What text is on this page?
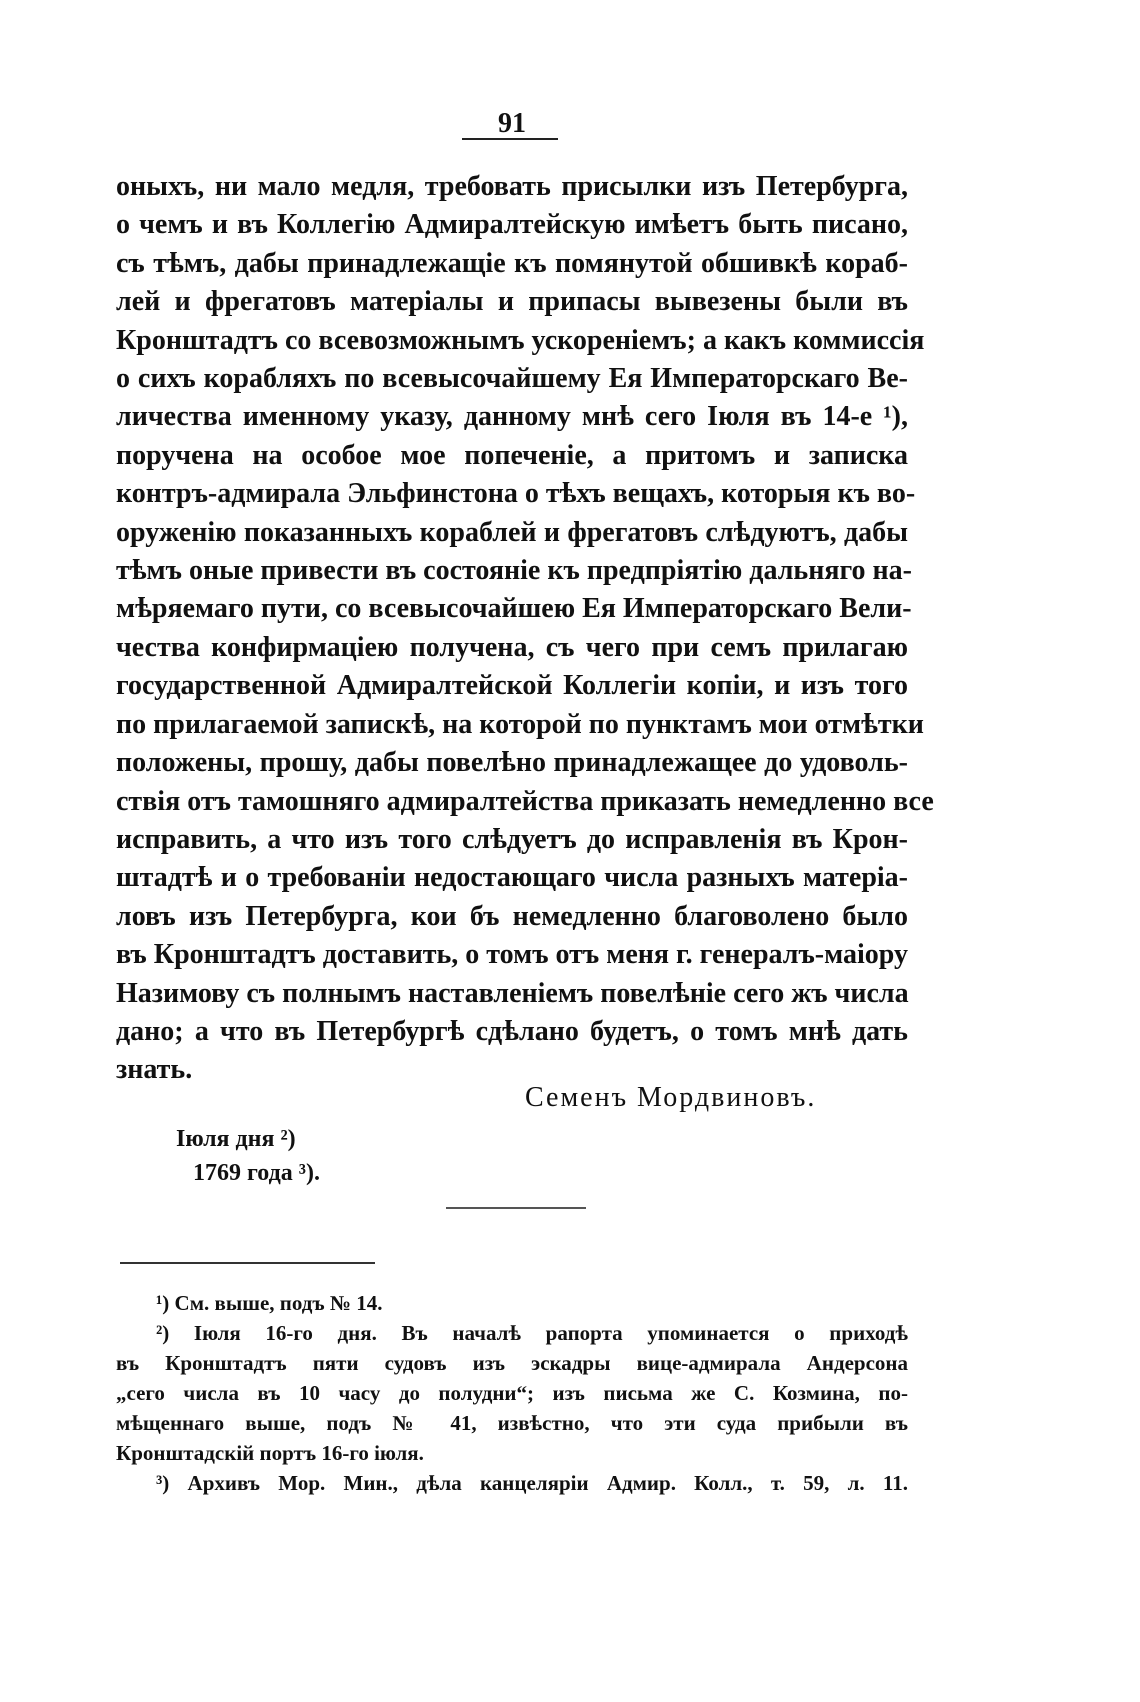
91
оныхъ, ни мало медля, требовать присылки изъ Петербурга,
о чемъ и въ Коллегію Адмиралтейскую имѣетъ быть писано,
съ тѣмъ, дабы принадлежащіе къ помянутой обшивкѣ кораб-
лей и фрегатовъ матеріалы и припасы вывезены были въ
Кронштадтъ со всевозможнымъ ускореніемъ; а какъ коммиссія
о сихъ корабляхъ по всевысочайшему Ея Императорскаго Ве-
личества именному указу, данному мнѣ сего Іюля въ 14-е ¹),
поручена на особое мое попеченіе, а притомъ и записка
контръ-адмирала Эльфинстона о тѣхъ вещахъ, которыя къ во-
оруженію показанныхъ кораблей и фрегатовъ слѣдуютъ, дабы
тѣмъ оные привести въ состояніе къ предпріятію дальняго на-
мѣряемаго пути, со всевысочайшею Ея Императорскаго Вели-
чества конфирмаціею получена, съ чего при семъ прилагаю
государственной Адмиралтейской Коллегіи копіи, и изъ того
по прилагаемой запискѣ, на которой по пунктамъ мои отмѣтки
положены, прошу, дабы повелѣно принадлежащее до удоволь-
ствія отъ тамошняго адмиралтейства приказать немедленно все
исправить, а что изъ того слѣдуетъ до исправленія въ Крон-
штадтѣ и о требованіи недостающаго числа разныхъ матеріа-
ловъ изъ Петербурга, кои бъ немедленно благоволено было
въ Кронштадтъ доставить, о томъ отъ меня г. генералъ-маіору
Назимову съ полнымъ наставленіемъ повелѣніе сего жъ числа
дано; а что въ Петербургѣ сдѣлано будетъ, о томъ мнѣ дать
знать.
Семенъ Мордвиновъ.
Іюля дня ²)
1769 года ³).
¹) См. выше, подъ № 14.
²) Іюля 16-го дня. Въ началѣ рапорта упоминается о приходѣ
въ Кронштадтъ пяти судовъ изъ эскадры вице-адмирала Андерсона
„сего числа въ 10 часу до полудни“; изъ письма же С. Козмина, по-
мѣщеннаго выше, подъ № 41, извѣстно, что эти суда прибыли въ
Кронштадскій портъ 16-го іюля.
³) Архивъ Мор. Мин., дѣла канцеляріи Адмир. Колл., т. 59, л. 11.
